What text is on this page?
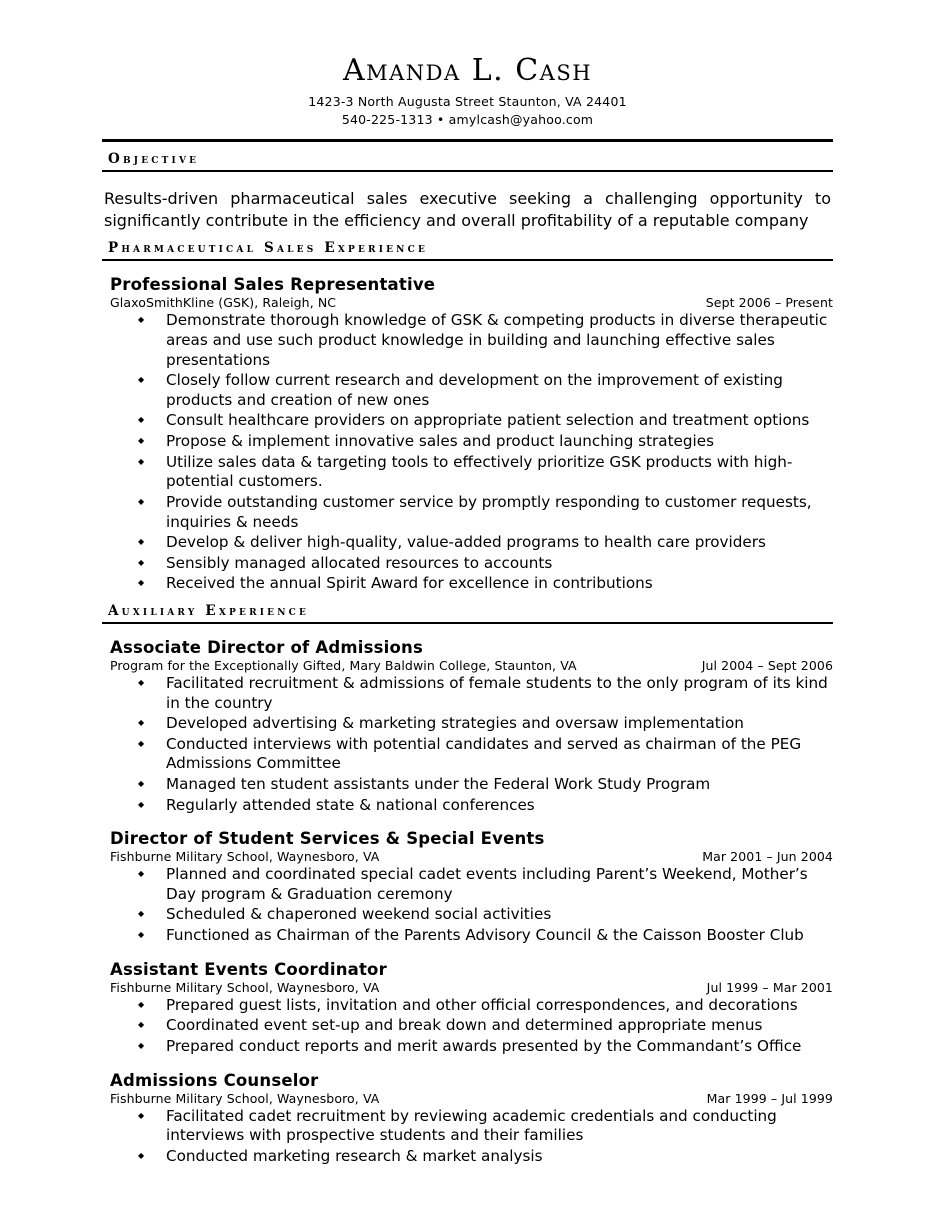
Amanda L. Cash
1423-3 North Augusta Street Staunton, VA 24401
540-225-1313 • amylcash@yahoo.com
Objective

Results-driven pharmaceutical sales executive seeking a challenging opportunity to significantly contribute in the efficiency and overall profitability of a reputable company

Pharmaceutical Sales Experience
Professional Sales Representative
GlaxoSmithKline (GSK), Raleigh, NC	Sept 2006 – Present
◆ Demonstrate thorough knowledge of GSK & competing products in diverse therapeutic areas and use such product knowledge in building and launching effective sales presentations
◆ Closely follow current research and development on the improvement of existing products and creation of new ones
◆ Consult healthcare providers on appropriate patient selection and treatment options
◆ Propose & implement innovative sales and product launching strategies
◆ Utilize sales data & targeting tools to effectively prioritize GSK products with high-potential customers.
◆ Provide outstanding customer service by promptly responding to customer requests, inquiries & needs
◆ Develop & deliver high-quality, value-added programs to health care providers
◆ Sensibly managed allocated resources to accounts
◆ Received the annual Spirit Award for excellence in contributions
Auxiliary Experience
Associate Director of Admissions
Program for the Exceptionally Gifted, Mary Baldwin College, Staunton, VA	Jul 2004 – Sept 2006
◆ Facilitated recruitment & admissions of female students to the only program of its kind in the country
◆ Developed advertising & marketing strategies and oversaw implementation
◆ Conducted interviews with potential candidates and served as chairman of the PEG Admissions Committee
◆ Managed ten student assistants under the Federal Work Study Program
◆ Regularly attended state & national conferences
Director of Student Services & Special Events
Fishburne Military School, Waynesboro, VA	Mar 2001 – Jun 2004
◆ Planned and coordinated special cadet events including Parent’s Weekend, Mother’s Day program & Graduation ceremony
◆ Scheduled & chaperoned weekend social activities
◆ Functioned as Chairman of the Parents Advisory Council & the Caisson Booster Club
Assistant Events Coordinator
Fishburne Military School, Waynesboro, VA	Jul 1999 – Mar 2001
◆ Prepared guest lists, invitation and other official correspondences, and decorations
◆ Coordinated event set-up and break down and determined appropriate menus
◆ Prepared conduct reports and merit awards presented by the Commandant’s Office
Admissions Counselor
Fishburne Military School, Waynesboro, VA	Mar 1999 – Jul 1999
◆ Facilitated cadet recruitment by reviewing academic credentials and conducting interviews with prospective students and their families
◆ Conducted marketing research & market analysis
